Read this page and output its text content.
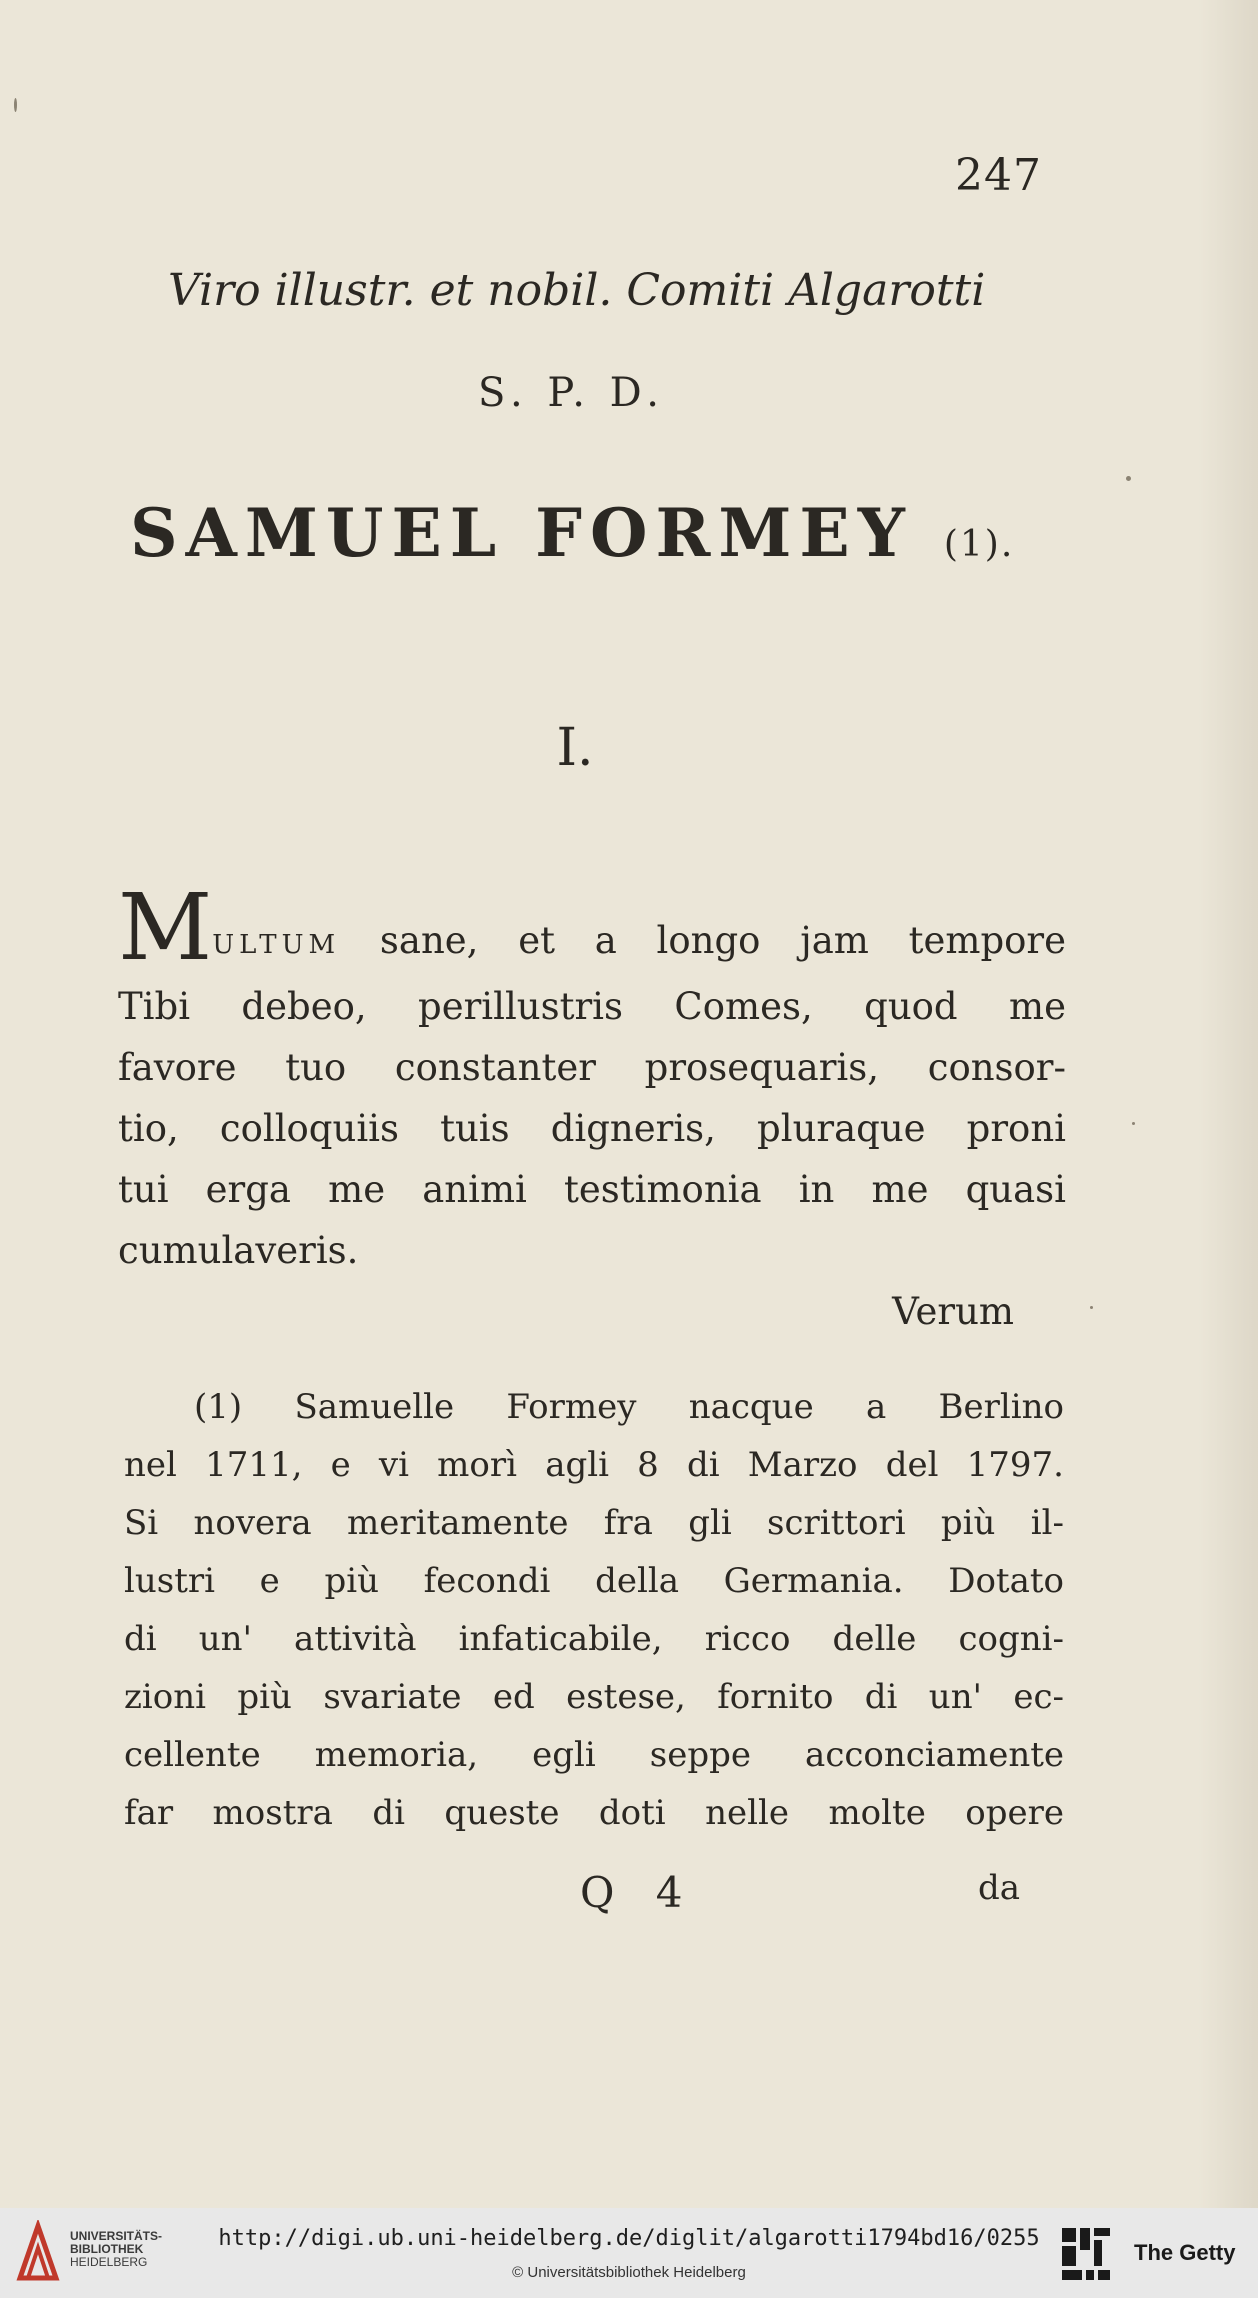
247
Viro illustr. et nobil. Comiti Algarotti
S. P. D.
SAMUEL FORMEY (1).
I.
MULTUM sane, et a longo jam tempore
Tibi debeo, perillustris Comes, quod me
favore tuo constanter prosequaris, consor-
tio, colloquiis tuis digneris, pluraque proni
tui erga me animi testimonia in me quasi
cumulaveris.
Verum
(1) Samuelle Formey nacque a Berlino
nel 1711, e vi morì agli 8 di Marzo del 1797.
Si novera meritamente fra gli scrittori più il-
lustri e più fecondi della Germania. Dotato
di un' attività infaticabile, ricco delle cogni-
zioni più svariate ed estese, fornito di un' ec-
cellente memoria, egli seppe acconciamente
far mostra di queste doti nelle molte opere
Q 4	da
UNIVERSITÄTS-
BIBLIOTHEK
HEIDELBERG
http://digi.ub.uni-heidelberg.de/diglit/algarotti1794bd16/0255
© Universitätsbibliothek Heidelberg
The Getty
